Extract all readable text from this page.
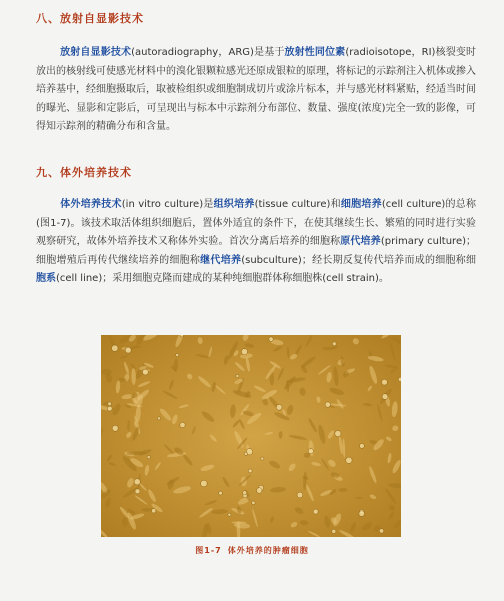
八、放射自显影技术
放射自显影技术(autoradiography，ARG)是基于放射性同位素(radioisotope，RI)核裂变时放出的核射线可使感光材料中的溴化银颗粒感光还原成银粒的原理，将标记的示踪剂注入机体或掺入培养基中，经细胞摄取后，取被检组织或细胞制成切片或涂片标本，并与感光材料紧贴，经适当时间的曝光、显影和定影后，可呈现出与标本中示踪剂分布部位、数量、强度(浓度)完全一致的影像，可得知示踪剂的精确分布和含量。
九、体外培养技术
体外培养技术(in vitro culture)是组织培养(tissue culture)和细胞培养(cell culture)的总称(图1-7)。该技术取活体组织细胞后，置体外适宜的条件下，在使其继续生长、繁殖的同时进行实验观察研究，故体外培养技术又称体外实验。首次分离后培养的细胞称原代培养(primary culture)；细胞增殖后再传代继续培养的细胞称继代培养(subculture)；经长期反复传代培养而成的细胞称细胞系(cell line)；采用细胞克隆而建成的某种纯细胞群体称细胞株(cell strain)。
图1-7 体外培养的肿瘤细胞
